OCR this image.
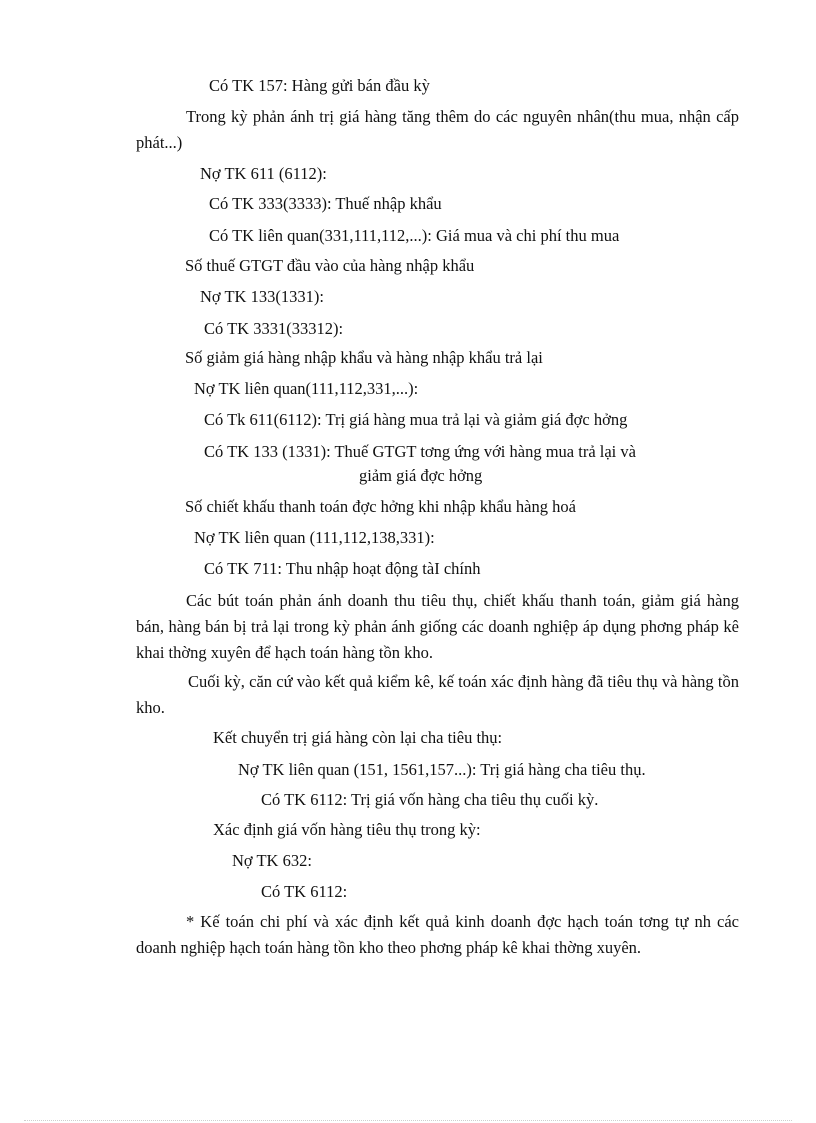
Có TK 157: Hàng gửi bán đầu kỳ

Trong kỳ phản ánh trị giá hàng tăng thêm do các nguyên nhân(thu mua, nhận cấp phát...)

Nợ TK 611 (6112):

Có TK 333(3333): Thuế nhập khẩu

Có TK liên quan(331,111,112,...): Giá mua và chi phí thu mua

Số thuế GTGT đầu vào của hàng nhập khẩu

Nợ TK 133(1331):

Có TK 3331(33312):

Số giảm giá hàng nhập khẩu và hàng nhập khẩu trả lại

Nợ TK liên quan(111,112,331,...):

Có Tk 611(6112): Trị giá hàng mua trả lại và giảm giá đợc hởng

Có TK 133 (1331): Thuế GTGT tơng ứng với hàng mua trả lại và
giảm giá đợc hởng

Số chiết khấu thanh toán đợc hởng khi nhập khẩu hàng hoá

Nợ TK liên quan (111,112,138,331):

Có TK 711: Thu nhập hoạt động tàI chính

Các bút toán phản ánh doanh thu tiêu thụ, chiết khấu thanh toán, giảm giá hàng bán, hàng bán bị trả lại trong kỳ phản ánh giống các doanh nghiệp áp dụng phơng pháp kê khai thờng xuyên để hạch toán hàng tồn kho.

Cuối kỳ, căn cứ vào kết quả kiểm kê, kế toán xác định hàng đã tiêu thụ và hàng tồn kho.

Kết chuyển trị giá hàng còn lại cha tiêu thụ:

Nợ TK liên quan (151, 1561,157...): Trị giá hàng cha tiêu thụ.

Có TK 6112: Trị giá vốn hàng cha tiêu thụ cuối kỳ.

Xác định giá vốn hàng tiêu thụ trong kỳ:

Nợ TK 632:

Có TK 6112:

* Kế toán chi phí và xác định kết quả kinh doanh đợc hạch toán tơng tự nh các doanh nghiệp hạch toán hàng tồn kho theo phơng pháp kê khai thờng xuyên.
